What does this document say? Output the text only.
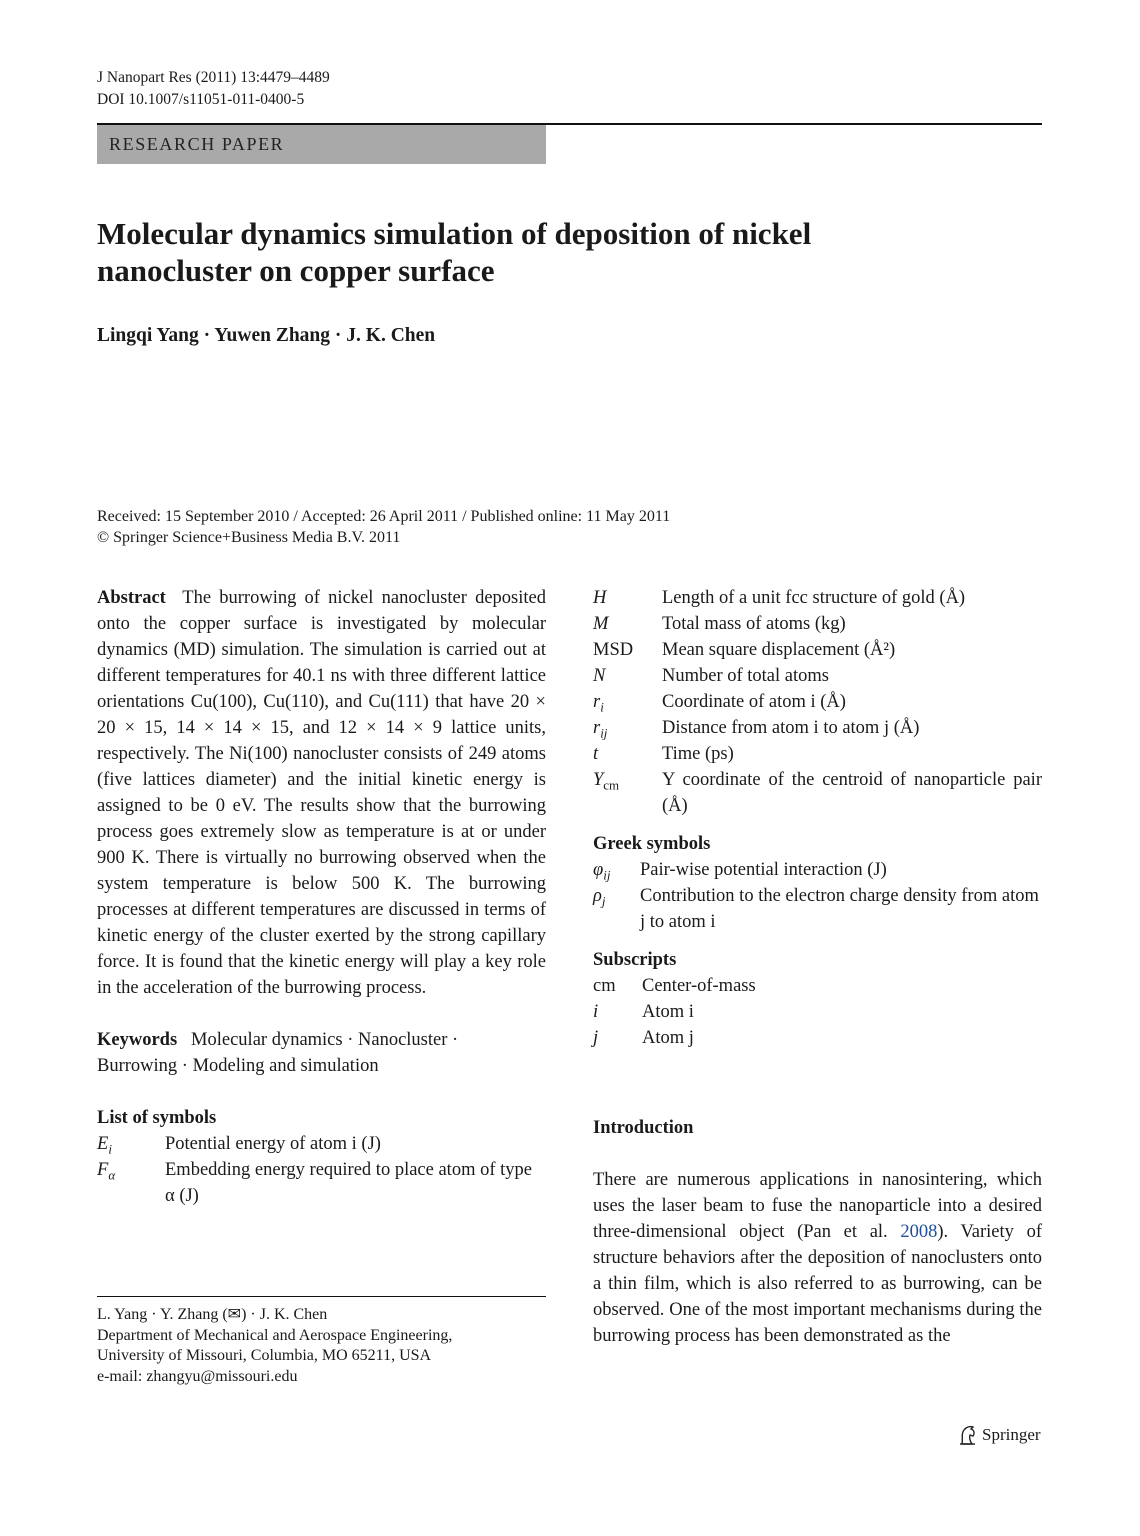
J Nanopart Res (2011) 13:4479–4489
DOI 10.1007/s11051-011-0400-5
RESEARCH PAPER
Molecular dynamics simulation of deposition of nickel
nanocluster on copper surface
Lingqi Yang · Yuwen Zhang · J. K. Chen
Received: 15 September 2010 / Accepted: 26 April 2011 / Published online: 11 May 2011
© Springer Science+Business Media B.V. 2011
Abstract The burrowing of nickel nanocluster deposited onto the copper surface is investigated by molecular dynamics (MD) simulation. The simulation is carried out at different temperatures for 40.1 ns with three different lattice orientations Cu(100), Cu(110), and Cu(111) that have 20 × 20 × 15, 14 × 14 × 15, and 12 × 14 × 9 lattice units, respectively. The Ni(100) nanocluster consists of 249 atoms (five lattices diameter) and the initial kinetic energy is assigned to be 0 eV. The results show that the burrowing process goes extremely slow as temperature is at or under 900 K. There is virtually no burrowing observed when the system temperature is below 500 K. The burrowing processes at different temperatures are discussed in terms of kinetic energy of the cluster exerted by the strong capillary force. It is found that the kinetic energy will play a key role in the acceleration of the burrowing process.
Keywords Molecular dynamics · Nanocluster ·
Burrowing · Modeling and simulation
List of symbols
$E_i$	Potential energy of atom i (J)
$F_\alpha$	Embedding energy required to place atom of type α (J)
L. Yang · Y. Zhang (✉) · J. K. Chen
Department of Mechanical and Aerospace Engineering,
University of Missouri, Columbia, MO 65211, USA
e-mail: zhangyu@missouri.edu
H	Length of a unit fcc structure of gold (Å)
M	Total mass of atoms (kg)
MSD	Mean square displacement (Å²)
N	Number of total atoms
$r_i$	Coordinate of atom i (Å)
$r_{ij}$	Distance from atom i to atom j (Å)
t	Time (ps)
$Y_{cm}$	Y coordinate of the centroid of nanoparticle pair (Å)
Greek symbols
$\varphi_{ij}$	Pair-wise potential interaction (J)
$\rho_j$	Contribution to the electron charge density from atom j to atom i
Subscripts
cm	Center-of-mass
i	Atom i
j	Atom j
Introduction
There are numerous applications in nanosintering, which uses the laser beam to fuse the nanoparticle into a desired three-dimensional object (Pan et al. 2008). Variety of structure behaviors after the deposition of nanoclusters onto a thin film, which is also referred to as burrowing, can be observed. One of the most important mechanisms during the burrowing process has been demonstrated as the
Springer
